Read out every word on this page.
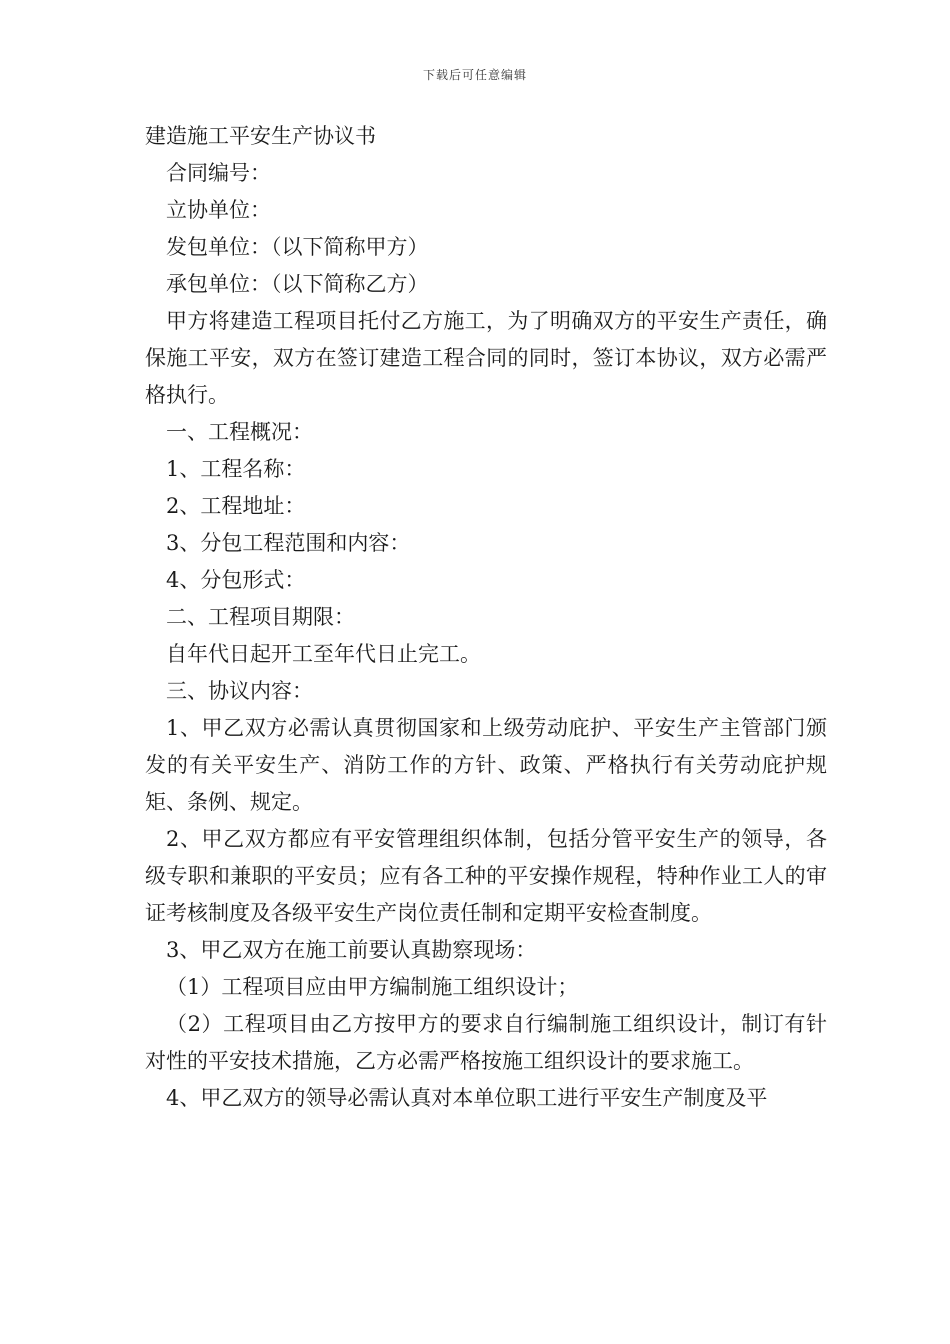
下载后可任意编辑

建造施工平安生产协议书

合同编号：

立协单位：

发包单位：（以下简称甲方）

承包单位：（以下简称乙方）

甲方将建造工程项目托付乙方施工，为了明确双方的平安生产责任，确保施工平安，双方在签订建造工程合同的同时，签订本协议，双方必需严格执行。

一、工程概况：

1、工程名称：

2、工程地址：

3、分包工程范围和内容：

4、分包形式：

二、工程项目期限：

自年代日起开工至年代日止完工。

三、协议内容：

1、甲乙双方必需认真贯彻国家和上级劳动庇护、平安生产主管部门颁发的有关平安生产、消防工作的方针、政策、严格执行有关劳动庇护规矩、条例、规定。

2、甲乙双方都应有平安管理组织体制，包括分管平安生产的领导，各级专职和兼职的平安员；应有各工种的平安操作规程，特种作业工人的审证考核制度及各级平安生产岗位责任制和定期平安检查制度。

3、甲乙双方在施工前要认真勘察现场：

（1）工程项目应由甲方编制施工组织设计；

（2）工程项目由乙方按甲方的要求自行编制施工组织设计，制订有针对性的平安技术措施，乙方必需严格按施工组织设计的要求施工。

4、甲乙双方的领导必需认真对本单位职工进行平安生产制度及平
